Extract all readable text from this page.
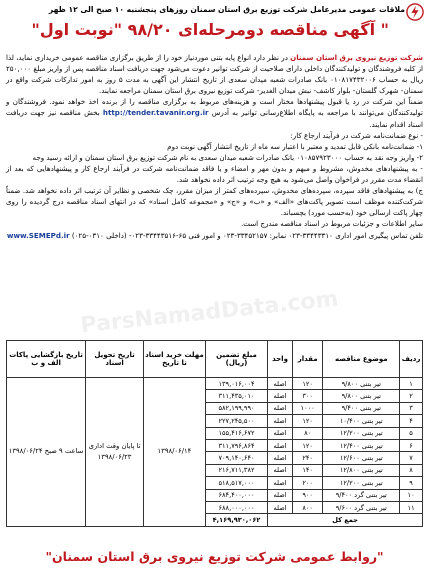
ملاقات عمومی مدیرعامل شرکت توزیع برق استان سمنان روزهای پنجشنبه ۱۰ صبح الی ۱۲ ظهر
" آگهی مناقصه دومرحله‌ای ۹۸/۲۰ "نوبت اول"

شرکت توزیع نیروی برق استان سمنان در نظر دارد انواع پایه بتنی موردنیاز خود را از طریق برگزاری مناقصه عمومی خریداری نماید، لذا از کلیه فروشندگان و تولیدکنندگان داخلی دارای صلاحیت از شرکت توانیر دعوت می‌شود جهت دریافت اسناد مناقصه پس از واریز مبلغ ۲۵۰,۰۰۰ ریال به حساب ۰۱۰۸۱۷۴۳۲۰۰۶ بانک صادرات شعبه میدان سعدی از تاریخ انتشار این آگهی به مدت ۵ روز به امور تدارکات شرکت واقع در سمنان- شهرک گلستان- بلوار کاشف- نبش میدان الغدیر- شرکت توزیع نیروی برق استان سمنان مراجعه نمایند.

ضمناً این شرکت در رد یا قبول پیشنهادها مختار است و هزینه‌های مربوط به برگزاری مناقصه را از برنده اخذ خواهد نمود. فروشندگان و تولیدکنندگان می‌توانند با مراجعه به پایگاه اطلاع‌رسانی توانیر به آدرس http://tender.tavanir.org.ir بخش مناقصه نیز جهت دریافت اسناد اقدام نمایند.

- نوع ضمانت‌نامه شرکت در فرآیند ارجاع کار:

۱- ضمانت‌نامه بانکی قابل تمدید و معتبر با اعتبار سه ماه از تاریخ انتشار آگهی نوبت دوم

۲- واریز وجه نقد به حساب ۰۱۰۸۵۷۹۲۳۰۰۰ بانک صادرات شعبه میدان سعدی به نام شرکت توزیع برق استان سمنان و ارائه رسید وجه

- به پیشنهادهای مخدوش، مشروط و مبهم و بدون مهر و امضاء و یا فاقد ضمانت‌نامه شرکت در فرآیند ارجاع کار و پیشنهادهایی که بعد از انقضاء مدت مقرر در فراخوان واصل می‌شود به هیچ وجه ترتیب اثر داده نخواهد شد.

ج) به پیشنهادهای فاقد سپرده، سپرده‌های مخدوش، سپرده‌های کمتر از میزان مقرر، چک شخصی و نظایر آن ترتیب اثر داده نخواهد شد. ضمناً شرکت‌کننده موظف است تصویر پاکت‌های «الف» و «ب» و «ج» و «مجموعه کامل اسناد» که در انتهای اسناد مناقصه درج گردیده را روی چهار پاکت ارسالی خود (به‌حسب مورد) بچسباند.

سایر اطلاعات و جزئیات مربوط در اسناد مناقصه مندرج است.

تلفن تماس پیگیری امور اداری ۳۳۴۴۳۳۱۰-۰۲۳ نمابر: ۳۳۴۵۲۱۵۷-۰۲۳ و امور فنی ۶۵-۳۳۴۴۳۵۱۶-۰۲۳- (داخلی ۰۳۱۰-۰۲۵) www.SEMEPd.ir

ParsNamadData.com
ردیف	موضوع مناقصه	مقدار	واحد	مبلغ تضمین (ریال)	مهلت خرید اسناد تا تاریخ	تاریخ تحویل اسناد	تاریخ بازگشایی پاکات الف و ب
۱	تیر بتنی ۹/۸۰۰	۱۲۰	اصله	۱۳۹,۰۱۶,۰۰۴	۱۳۹۸/۰۶/۱۴	تا پایان وقت اداری ۱۳۹۸/۰۶/۲۳	ساعت ۹ صبح ۱۳۹۸/۰۶/۲۴
۲	تیر بتنی ۹/۸۰۰	۳۰۰	اصله	۳۱۱,۴۳۵,۰۱۰			
۳	تیر بتنی ۹/۴۰۰	۱۰۰۰	اصله	۵۸۲,۱۹۹,۹۹۰			
۴	تیر بتنی ۱۰/۴۰۰	۱۲۰	اصله	۲۲۷,۲۴۵,۵۰۰			
۵	تیر بتنی ۱۲/۲۰۰	۸۰	اصله	۱۵۵,۴۱۶,۶۷۲			
۶	تیر بتنی ۱۲/۴۰۰	۱۲۰	اصله	۳۱۱,۷۹۶,۸۶۴			
۷	تیر بتنی ۱۲/۶۰۰	۲۴۰	اصله	۷۰۹,۱۴۰,۶۴۰			
۸	تیر بتنی ۱۲/۸۰۰	۱۴۰	اصله	۲۱۶,۷۱۱,۳۸۲			
۹	تیر بتنی ۱۲/۲۰۰	۲۰۰	اصله	۵۱۸,۵۱۷,۰۰۰			
۱۰	تیر بتنی گرد ۹/۴۰۰	۹۰۰	اصله	۶۸۴,۴۰۰,۰۰۰			
۱۱	تیر بتنی گرد ۹/۶۰۰	۸۰۰	اصله	۶۸۸,۰۰۰,۰۰۰			
جمع کل				۴,۱۶۹,۹۳۰,۰۶۲			
"روابط عمومی شرکت توزیع نیروی برق استان سمنان"
